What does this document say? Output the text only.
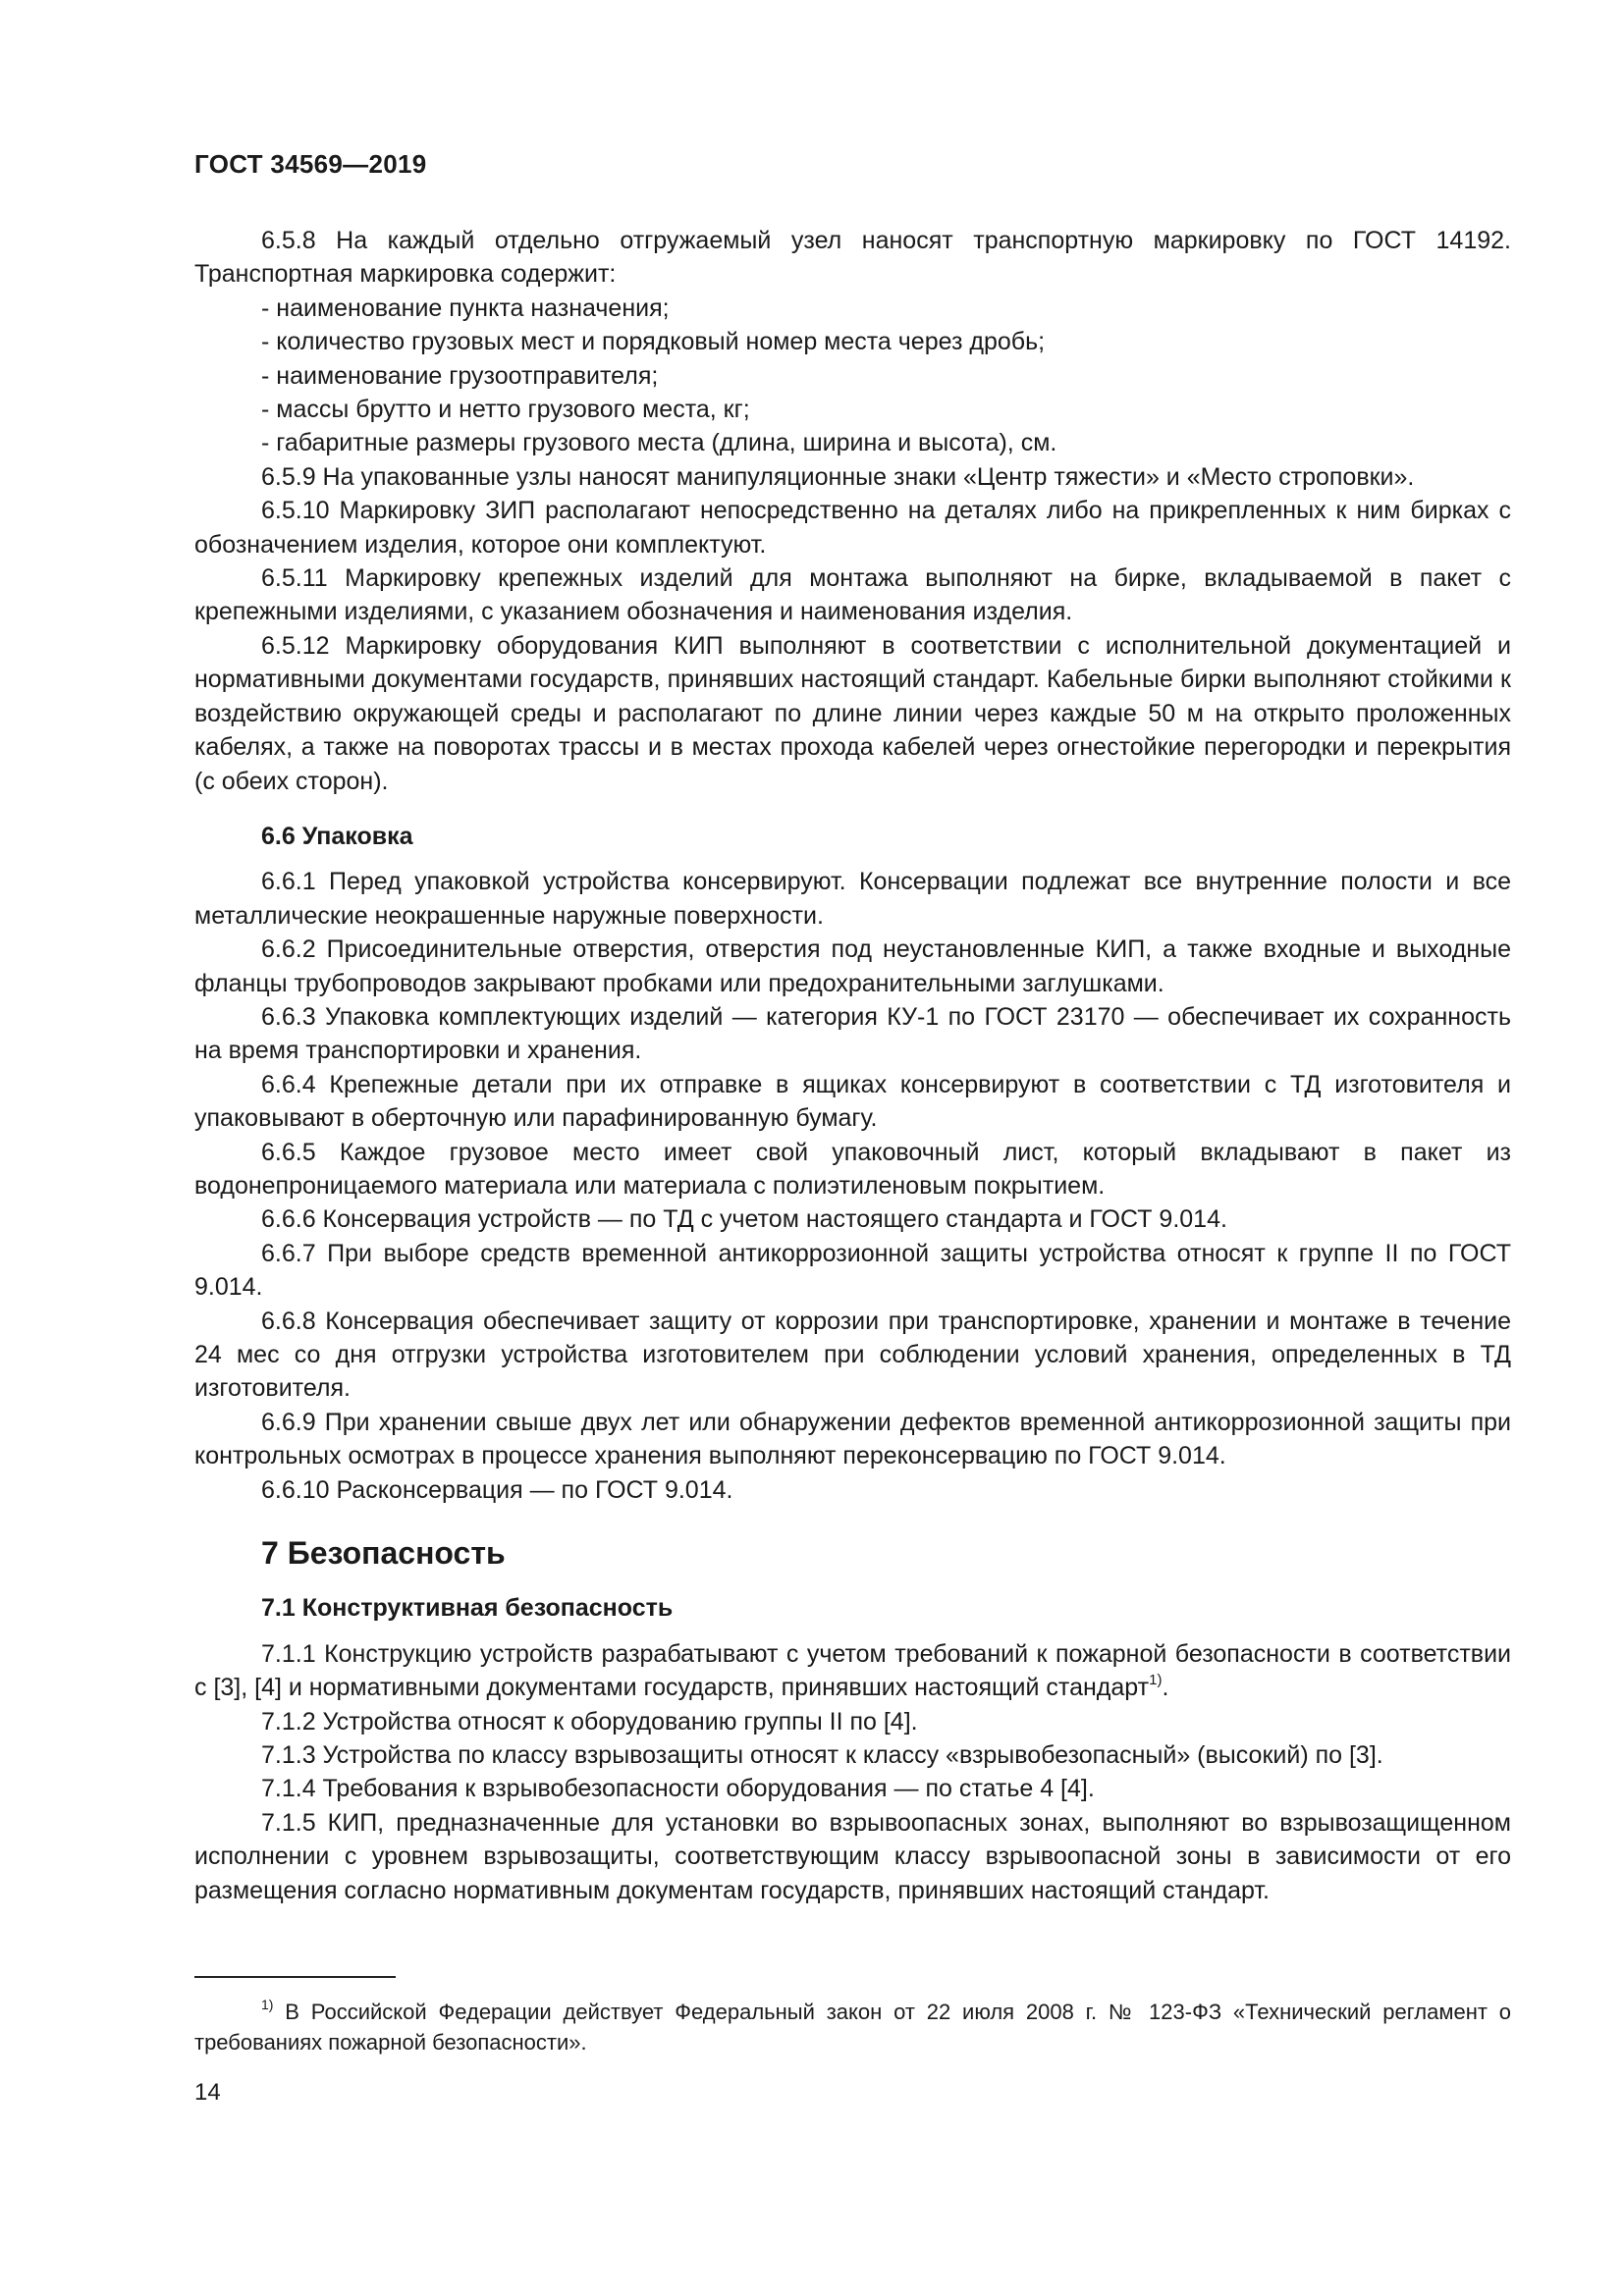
ГОСТ 34569—2019

6.5.8 На каждый отдельно отгружаемый узел наносят транспортную маркировку по ГОСТ 14192. Транспортная маркировка содержит:

- наименование пункта назначения;

- количество грузовых мест и порядковый номер места через дробь;

- наименование грузоотправителя;

- массы брутто и нетто грузового места, кг;

- габаритные размеры грузового места (длина, ширина и высота), см.

6.5.9 На упакованные узлы наносят манипуляционные знаки «Центр тяжести» и «Место строповки».

6.5.10 Маркировку ЗИП располагают непосредственно на деталях либо на прикрепленных к ним бирках с обозначением изделия, которое они комплектуют.

6.5.11 Маркировку крепежных изделий для монтажа выполняют на бирке, вкладываемой в пакет с крепежными изделиями, с указанием обозначения и наименования изделия.

6.5.12 Маркировку оборудования КИП выполняют в соответствии с исполнительной документацией и нормативными документами государств, принявших настоящий стандарт. Кабельные бирки выполняют стойкими к воздействию окружающей среды и располагают по длине линии через каждые 50 м на открыто проложенных кабелях, а также на поворотах трассы и в местах прохода кабелей через огнестойкие перегородки и перекрытия (с обеих сторон).

6.6 Упаковка

6.6.1 Перед упаковкой устройства консервируют. Консервации подлежат все внутренние полости и все металлические неокрашенные наружные поверхности.

6.6.2 Присоединительные отверстия, отверстия под неустановленные КИП, а также входные и выходные фланцы трубопроводов закрывают пробками или предохранительными заглушками.

6.6.3 Упаковка комплектующих изделий — категория КУ-1 по ГОСТ 23170 — обеспечивает их сохранность на время транспортировки и хранения.

6.6.4 Крепежные детали при их отправке в ящиках консервируют в соответствии с ТД изготовителя и упаковывают в оберточную или парафинированную бумагу.

6.6.5 Каждое грузовое место имеет свой упаковочный лист, который вкладывают в пакет из водонепроницаемого материала или материала с полиэтиленовым покрытием.

6.6.6 Консервация устройств — по ТД с учетом настоящего стандарта и ГОСТ 9.014.

6.6.7 При выборе средств временной антикоррозионной защиты устройства относят к группе II по ГОСТ 9.014.

6.6.8 Консервация обеспечивает защиту от коррозии при транспортировке, хранении и монтаже в течение 24 мес со дня отгрузки устройства изготовителем при соблюдении условий хранения, определенных в ТД изготовителя.

6.6.9 При хранении свыше двух лет или обнаружении дефектов временной антикоррозионной защиты при контрольных осмотрах в процессе хранения выполняют переконсервацию по ГОСТ 9.014.

6.6.10 Расконсервация — по ГОСТ 9.014.

7 Безопасность
7.1 Конструктивная безопасность

7.1.1 Конструкцию устройств разрабатывают с учетом требований к пожарной безопасности в соответствии с [3], [4] и нормативными документами государств, принявших настоящий стандарт$^{1)}$.

7.1.2 Устройства относят к оборудованию группы II по [4].

7.1.3 Устройства по классу взрывозащиты относят к классу «взрывобезопасный» (высокий) по [3].

7.1.4 Требования к взрывобезопасности оборудования — по статье 4 [4].

7.1.5 КИП, предназначенные для установки во взрывоопасных зонах, выполняют во взрывозащищенном исполнении с уровнем взрывозащиты, соответствующим классу взрывоопасной зоны в зависимости от его размещения согласно нормативным документам государств, принявших настоящий стандарт.

$^{1)}$ В Российской Федерации действует Федеральный закон от 22 июля 2008 г. № 123-ФЗ «Технический регламент о требованиях пожарной безопасности».
14
